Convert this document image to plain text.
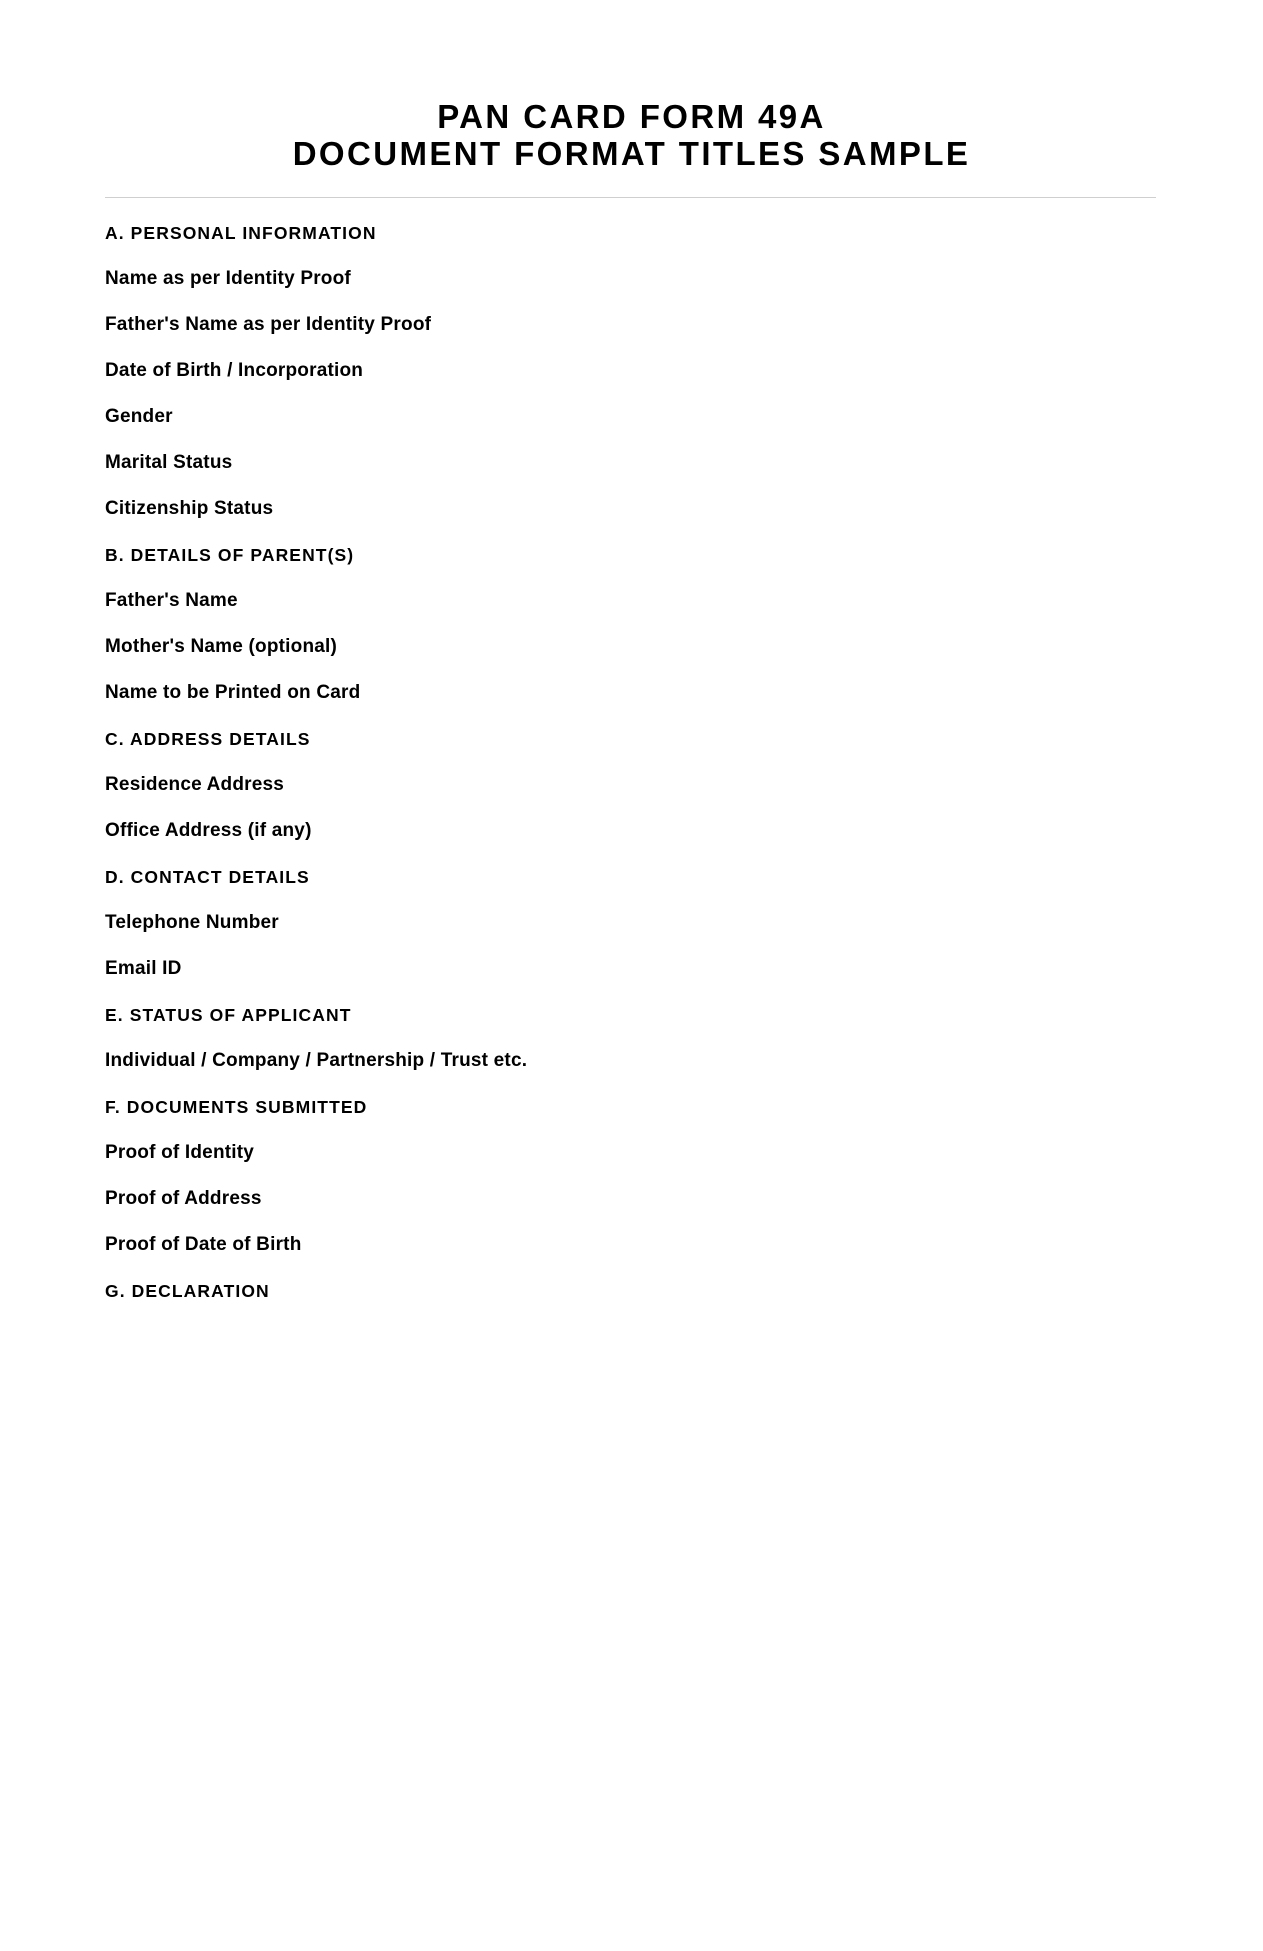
PAN CARD FORM 49A
DOCUMENT FORMAT TITLES SAMPLE
A. PERSONAL INFORMATION
Name as per Identity Proof
Father's Name as per Identity Proof
Date of Birth / Incorporation
Gender
Marital Status
Citizenship Status
B. DETAILS OF PARENT(S)
Father's Name
Mother's Name (optional)
Name to be Printed on Card
C. ADDRESS DETAILS
Residence Address
Office Address (if any)
D. CONTACT DETAILS
Telephone Number
Email ID
E. STATUS OF APPLICANT
Individual / Company / Partnership / Trust etc.
F. DOCUMENTS SUBMITTED
Proof of Identity
Proof of Address
Proof of Date of Birth
G. DECLARATION
